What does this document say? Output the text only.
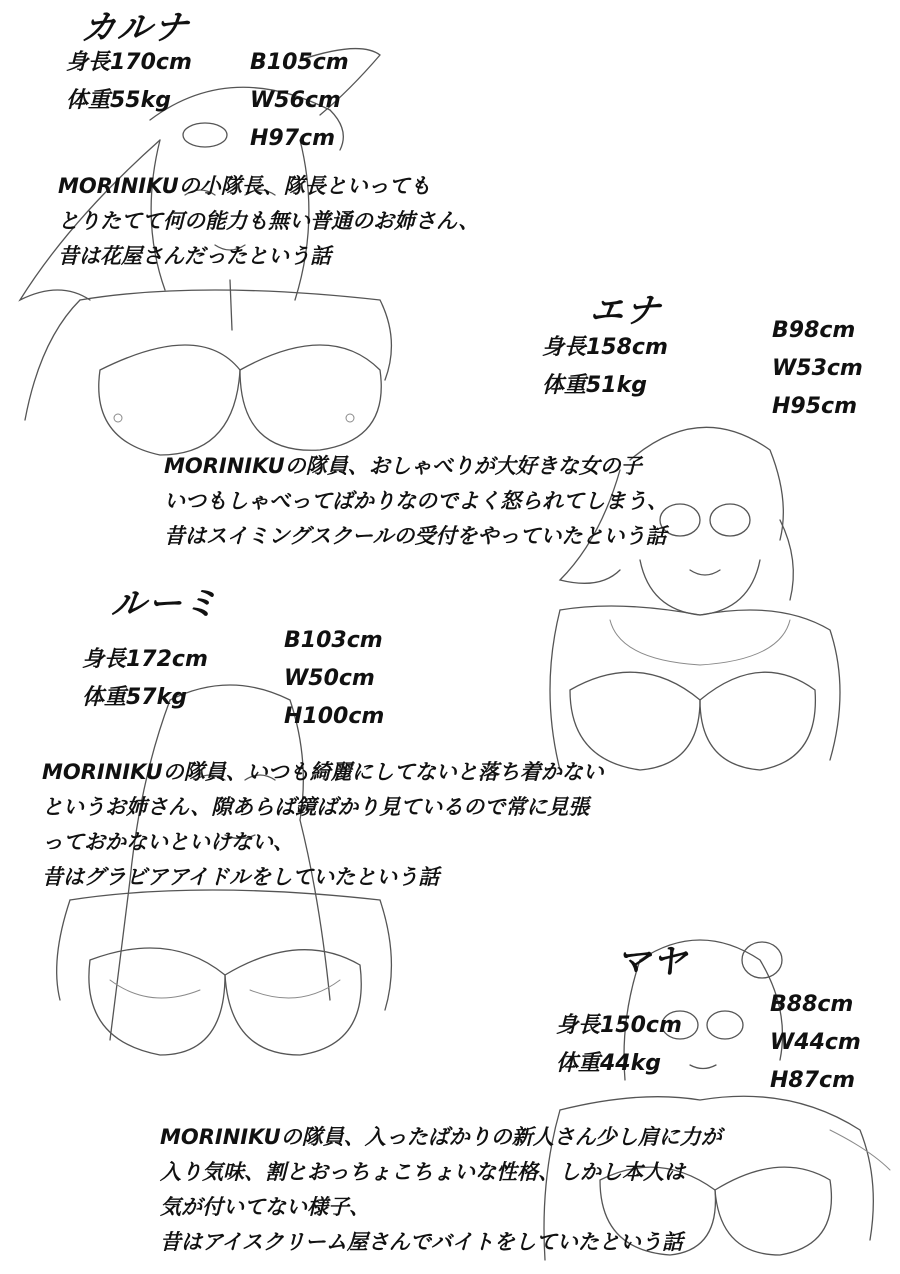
カルナ
身長170cm
体重55kg
B105cm
W56cm
H97cm
MORINIKUの小隊長、隊長といっても
とりたてて何の能力も無い普通のお姉さん、
昔は花屋さんだったという話
エナ
身長158cm
体重51kg
B98cm
W53cm
H95cm
MORINIKUの隊員、おしゃべりが大好きな女の子
いつもしゃべってばかりなのでよく怒られてしまう、
昔はスイミングスクールの受付をやっていたという話
ルーミ
身長172cm
体重57kg
B103cm
W50cm
H100cm
MORINIKUの隊員、いつも綺麗にしてないと落ち着かない
というお姉さん、隙あらば鏡ばかり見ているので常に見張
っておかないといけない、
昔はグラビアアイドルをしていたという話
マヤ
身長150cm
体重44kg
B88cm
W44cm
H87cm
MORINIKUの隊員、入ったばかりの新人さん少し肩に力が
入り気味、割とおっちょこちょいな性格、しかし本人は
気が付いてない様子、
昔はアイスクリーム屋さんでバイトをしていたという話
